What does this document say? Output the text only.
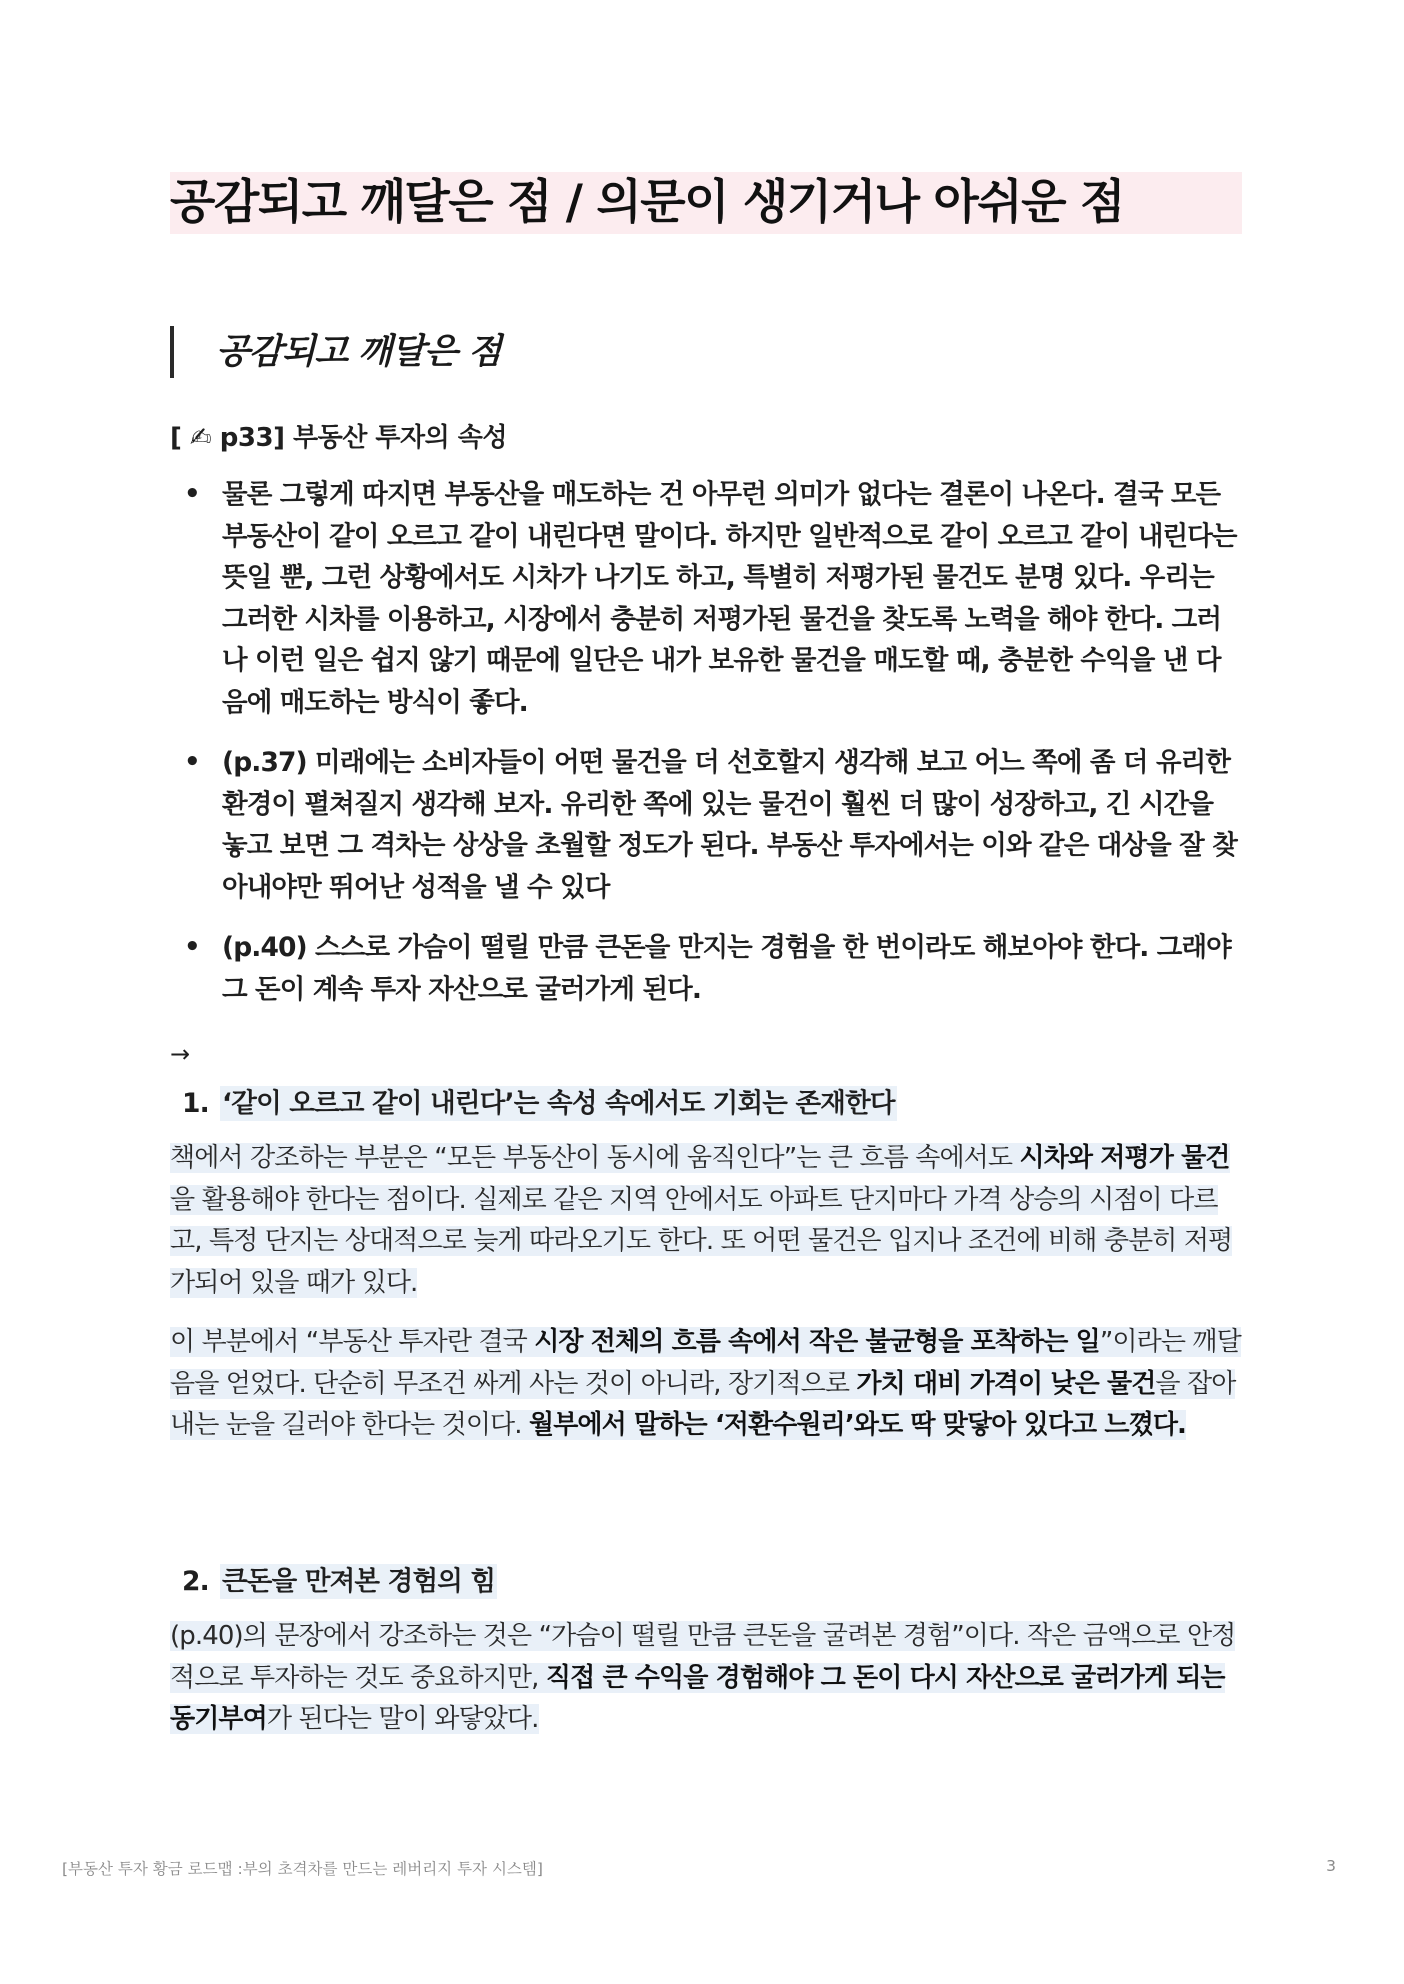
공감되고 깨달은 점 / 의문이 생기거나 아쉬운 점
공감되고 깨달은 점
[ ✍ p33] 부동산 투자의 속성
• 물론 그렇게 따지면 부동산을 매도하는 건 아무런 의미가 없다는 결론이 나온다. 결국 모든 부동산이 같이 오르고 같이 내린다면 말이다. 하지만 일반적으로 같이 오르고 같이 내린다는 뜻일 뿐, 그런 상황에서도 시차가 나기도 하고, 특별히 저평가된 물건도 분명 있다. 우리는 그러한 시차를 이용하고, 시장에서 충분히 저평가된 물건을 찾도록 노력을 해야 한다. 그러나 이런 일은 쉽지 않기 때문에 일단은 내가 보유한 물건을 매도할 때, 충분한 수익을 낸 다음에 매도하는 방식이 좋다.
• (p.37) 미래에는 소비자들이 어떤 물건을 더 선호할지 생각해 보고 어느 쪽에 좀 더 유리한 환경이 펼쳐질지 생각해 보자. 유리한 쪽에 있는 물건이 훨씬 더 많이 성장하고, 긴 시간을 놓고 보면 그 격차는 상상을 초월할 정도가 된다. 부동산 투자에서는 이와 같은 대상을 잘 찾아내야만 뛰어난 성적을 낼 수 있다
• (p.40) 스스로 가슴이 떨릴 만큼 큰돈을 만지는 경험을 한 번이라도 해보아야 한다. 그래야 그 돈이 계속 투자 자산으로 굴러가게 된다.
→
1. ‘같이 오르고 같이 내린다’는 속성 속에서도 기회는 존재한다

책에서 강조하는 부분은 “모든 부동산이 동시에 움직인다”는 큰 흐름 속에서도 시차와 저평가 물건을 활용해야 한다는 점이다. 실제로 같은 지역 안에서도 아파트 단지마다 가격 상승의 시점이 다르고, 특정 단지는 상대적으로 늦게 따라오기도 한다. 또 어떤 물건은 입지나 조건에 비해 충분히 저평가되어 있을 때가 있다.

이 부분에서 “부동산 투자란 결국 시장 전체의 흐름 속에서 작은 불균형을 포착하는 일”이라는 깨달음을 얻었다. 단순히 무조건 싸게 사는 것이 아니라, 장기적으로 가치 대비 가격이 낮은 물건을 잡아내는 눈을 길러야 한다는 것이다. 월부에서 말하는 ‘저환수원리’와도 딱 맞닿아 있다고 느꼈다.

2. 큰돈을 만져본 경험의 힘

(p.40)의 문장에서 강조하는 것은 “가슴이 떨릴 만큼 큰돈을 굴려본 경험”이다. 작은 금액으로 안정적으로 투자하는 것도 중요하지만, 직접 큰 수익을 경험해야 그 돈이 다시 자산으로 굴러가게 되는 동기부여가 된다는 말이 와닿았다.

[부동산 투자 황금 로드맵 :부의 초격차를 만드는 레버리지 투자 시스템]	3
